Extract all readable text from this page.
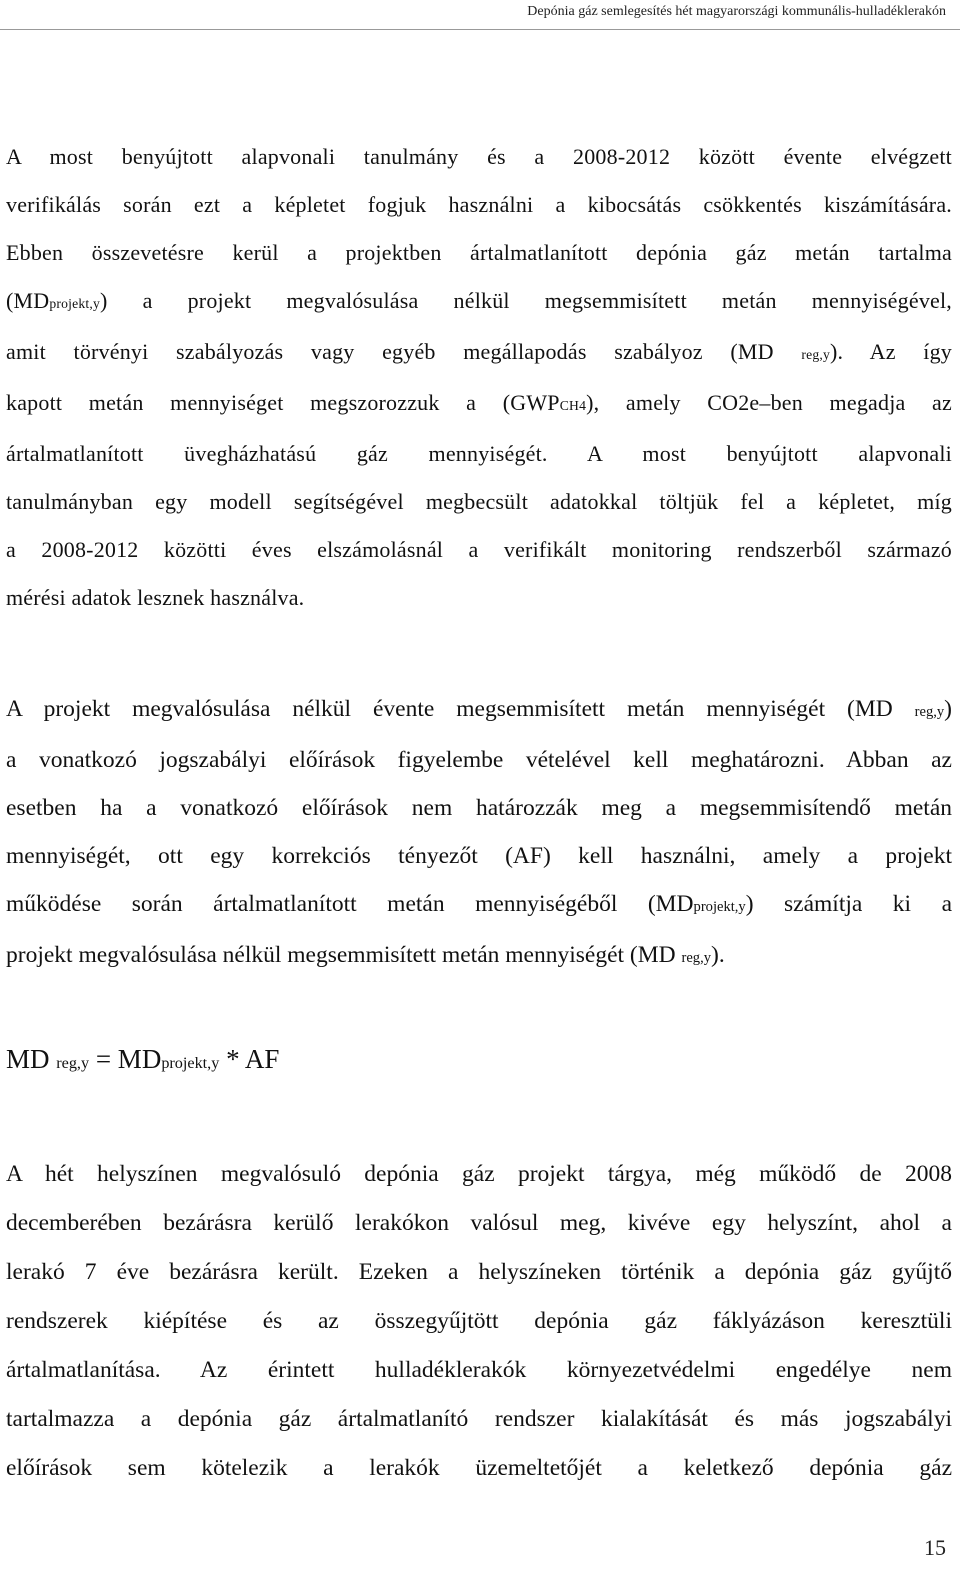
Depónia gáz semlegesítés hét magyarországi kommunális-hulladéklerakón

A most benyújtott alapvonali tanulmány és a 2008-2012 között évente elvégzett
verifikálás során ezt a képletet fogjuk használni a kibocsátás csökkentés kiszámítására.
Ebben összevetésre kerül a projektben ártalmatlanított depónia gáz metán tartalma
(MDprojekt,y) a projekt megvalósulása nélkül megsemmisített metán mennyiségével,
amit törvényi szabályozás vagy egyéb megállapodás szabályoz (MD reg,y). Az így
kapott metán mennyiséget megszorozzuk a (GWPCH4), amely CO2e–ben megadja az
ártalmatlanított üvegházhatású gáz mennyiségét. A most benyújtott alapvonali
tanulmányban egy modell segítségével megbecsült adatokkal töltjük fel a képletet, míg
a 2008-2012 közötti éves elszámolásnál a verifikált monitoring rendszerből származó
mérési adatok lesznek használva.

A projekt megvalósulása nélkül évente megsemmisített metán mennyiségét (MD reg,y)
a vonatkozó jogszabályi előírások figyelembe vételével kell meghatározni. Abban az
esetben ha a vonatkozó előírások nem határozzák meg a megsemmisítendő metán
mennyiségét, ott egy korrekciós tényezőt (AF) kell használni, amely a projekt
működése során ártalmatlanított metán mennyiségéből (MDprojekt,y) számítja ki a
projekt megvalósulása nélkül megsemmisített metán mennyiségét (MD reg,y).

MD reg,y = MDprojekt,y * AF

A hét helyszínen megvalósuló depónia gáz projekt tárgya, még működő de 2008
decemberében bezárásra kerülő lerakókon valósul meg, kivéve egy helyszínt, ahol a
lerakó 7 éve bezárásra került. Ezeken a helyszíneken történik a depónia gáz gyűjtő
rendszerek kiépítése és az összegyűjtött depónia gáz fáklyázáson keresztüli
ártalmatlanítása. Az érintett hulladéklerakók környezetvédelmi engedélye nem
tartalmazza a depónia gáz ártalmatlanító rendszer kialakítását és más jogszabályi
előírások sem kötelezik a lerakók üzemeltetőjét a keletkező depónia gáz

15
